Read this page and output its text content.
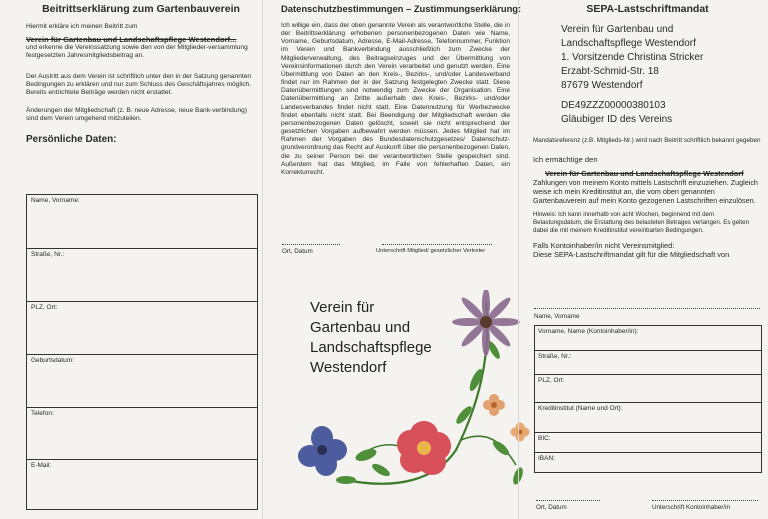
Beitrittserklärung zum Gartenbauverein
Hiermit erkläre ich meinen Beitritt zum
Verein für Gartenbau und Landschaftspflege Westendorf...
und erkenne die Vereinssatzung sowie den von der Mitglieder-versammlung festgesetzten Jahresmitgliedsbeitrag an.
Der Austritt aus dem Verein ist schriftlich unter den in der Satzung genannten Bedingungen zu erklären und nur zum Schluss des Geschäftsjahres möglich. Bereits entrichtete Beiträge werden nicht erstattet.
Änderungen der Mitgliedschaft (z. B. neue Adresse, neue Bank-verbindung) sind dem Verein umgehend mitzuteilen.
Persönliche Daten:
Name, Vorname:
Straße, Nr.:
PLZ, Ort:
Geburtsdatum:
Telefon:
E-Mail:
Datenschutzbestimmungen – Zustimmungserklärung:
Ich willige ein, dass der oben genannte Verein als verantwortliche Stelle, die in der Beitrittserklärung erhobenen personenbezogenen Daten wie Name, Vorname, Geburtsdatum, Adresse, E-Mail-Adresse, Telefonnummer, Funktion im Verein und Bankverbindung ausschließlich zum Zwecke der Mitgliederverwaltung, des Beitragseinzuges und der Übermittlung von Vereinsinformationen durch den Verein verarbeitet und genutzt werden. Eine Übermittlung von Daten an den Kreis-, Bezirks-, und/oder Landesverband findet nur im Rahmen der in der Satzung festgelegten Zwecke statt. Diese Datenübermittlungen sind notwendig zum Zwecke der Organisation. Eine Datenübermittlung an Dritte außerhalb des Kreis-, Bezirks- und/oder Landesverbandes findet nicht statt. Eine Datennutzung für Werbezwecke findet ebenfalls nicht statt. Bei Beendigung der Mitgliedschaft werden die personenbezogenen Daten gelöscht, soweit sie nicht entsprechend der gesetzlichen Vorgaben aufbewahrt werden müssen. Jedes Mitglied hat im Rahmen der Vorgaben des Bundesdatenschutzgesetzes/ Datenschutz-grundverordnung das Recht auf Auskunft über die personenbezogenen Daten, die zu seiner Person bei der verantwortlichen Stelle gespeichert sind. Außerdem hat das Mitglied, im Falle von fehlerhaften Daten, ein Korrekturrecht.
Ort, Datum	Unterschrift Mitglied/ gesetzlicher Vertreter
Verein für
Gartenbau und
Landschaftspflege
Westendorf
SEPA-Lastschriftmandat
Verein für Gartenbau und
Landschaftspflege Westendorf
1. Vorsitzende Christina Stricker
Erzabt-Schmid-Str. 18
87679 Westendorf
DE49ZZZ00000380103
Gläubiger ID des Vereins
Mandatsreferenz (z.B. Mitglieds-Nr.) wird nach Beitritt schriftlich bekannt gegeben
Ich ermächtige den
Verein für Gartenbau und Landschaftspflege Westendorf
Zahlungen von meinem Konto mittels Lastschrift einzuziehen. Zugleich weise ich mein Kreditinstitut an, die vom oben genannten Gartenbauverein auf mein Konto gezogenen Lastschriften einzulösen.
Hinweis: Ich kann innerhalb von acht Wochen, beginnend mit dem Belastungsdatum, die Erstattung des belasteten Betrages verlangen. Es gelten dabei die mit meinem Kreditinstitut vereinbarten Bedingungen.
Falls Kontoinhaber/in nicht Vereinsmitglied:
Diese SEPA-Lastschriftmandat gilt für die Mitgliedschaft von
Name, Vorname
Vorname, Name (Kontoinhaber/in):
Straße, Nr.:
PLZ, Ort:
Kreditinstitut (Name und Ort):
BIC:
IBAN:
Ort, Datum	Unterschrift Kontoinhaber/in
